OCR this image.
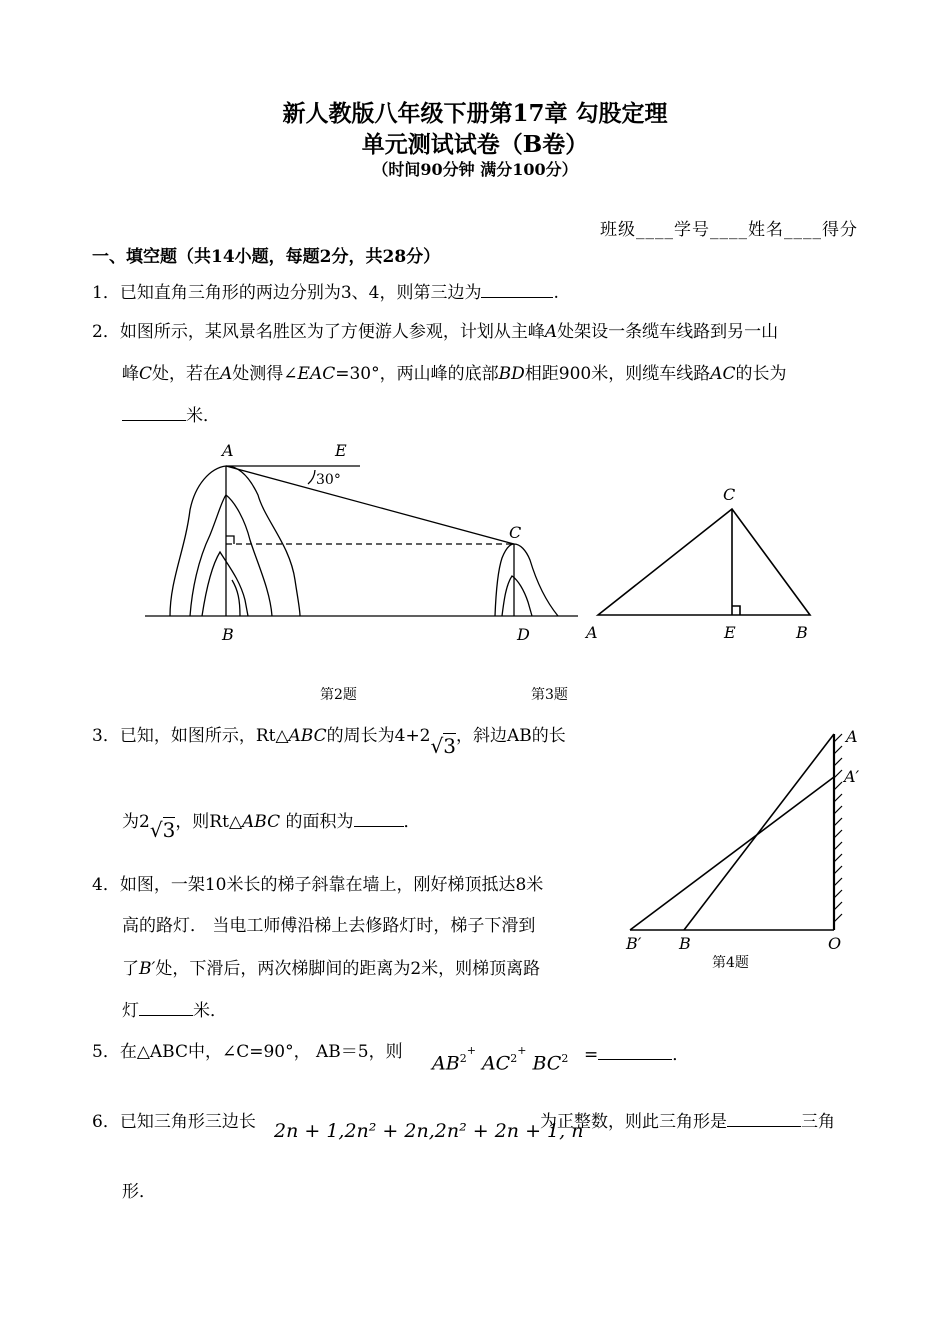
新人教版八年级下册第17章 勾股定理
单元测试试卷（B卷）
（时间90分钟 满分100分）
班级____学号____姓名____得分
一、填空题（共14小题，每题2分，共28分）
1．已知直角三角形的两边分别为3、4，则第三边为	.
2．如图所示，某风景名胜区为了方便游人参观，计划从主峰A处架设一条缆车线路到另一山
峰C处，若在A处测得∠EAC=30°，两山峰的底部BD相距900米，则缆车线路AC的长为
米．
A	E
30°
C
B	D
C
A	E	B
第2题	第3题
3．已知，如图所示，Rt△ABC的周长为4+2√3，斜边AB的长
为2√3，则Rt△ABC 的面积为	．
A
A′
B′ B	O
第4题
4．如图，一架10米长的梯子斜靠在墙上，刚好梯顶抵达8米
高的路灯． 当电工师傅沿梯上去修路灯时，梯子下滑到
了B′处，下滑后，两次梯脚间的距离为2米，则梯顶离路
灯	米．
5．在△ABC中，∠C=90°， AB＝5，则
$AB^{2+}$ $AC^{2+}$ $BC^2$ =	．
6．已知三角形三边长 2n + 1,2n² + 2n,2n² + 2n + 1, n
为正整数，则此三角形是	三角
形．
